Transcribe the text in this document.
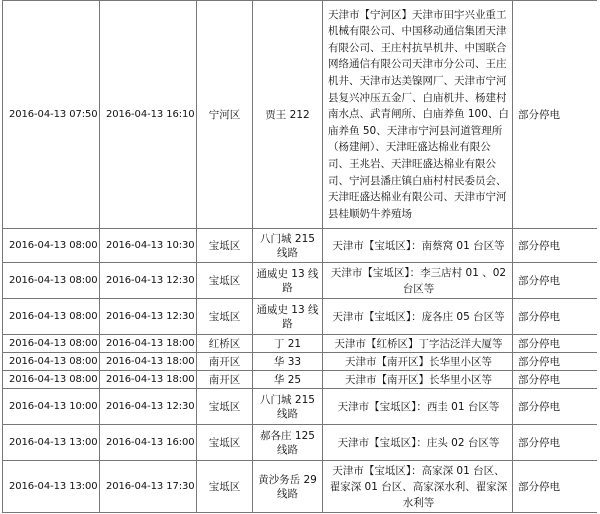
2016-04-13 07:50	2016-04-13 16:10	宁河区	贾王 212	天津市【宁河区】天津市田宇兴业重工机械有限公司、中国移动通信集团天津有限公司、王庄村抗旱机井、中国联合网络通信有限公司天津市分公司、王庄机井、天津市达美镍网厂、天津市宁河县复兴冲压五金厂、白庙机井、杨建村南水点、武青闸所、白庙养鱼 100、白庙养鱼 50、天津市宁河县河道管理所（杨建闸）、天津旺盛达棉业有限公司、王兆岩、天津旺盛达棉业有限公司、宁河县潘庄镇白庙村村民委员会、天津旺盛达棉业有限公司、天津市宁河县桂顺奶牛养殖场	部分停电
2016-04-13 08:00	2016-04-13 10:30	宝坻区	八门城 215 线路	天津市【宝坻区】：南蔡窝 01 台区等	部分停电
2016-04-13 08:00	2016-04-13 12:30	宝坻区	通威史 13 线路	天津市【宝坻区】：李三店村 01 、02 台区等	部分停电
2016-04-13 08:00	2016-04-13 12:30	宝坻区	通威史 13 线路	天津市【宝坻区】：庞各庄 05 台区等	部分停电
2016-04-13 08:00	2016-04-13 18:00	红桥区	丁 21	天津市【红桥区】丁字沽泛洋大厦等	部分停电
2016-04-13 08:00	2016-04-13 18:00	南开区	华 33	天津市【南开区】长华里小区等	部分停电
2016-04-13 08:00	2016-04-13 18:00	南开区	华 25	天津市【南开区】长华里小区等	部分停电
2016-04-13 10:00	2016-04-13 12:30	宝坻区	八门城 215 线路	天津市【宝坻区】：西圭 01 台区等	部分停电
2016-04-13 13:00	2016-04-13 16:00	宝坻区	郝各庄 125 线路	天津市【宝坻区】：庄头 02 台区等	部分停电
2016-04-13 13:00	2016-04-13 17:30	宝坻区	黄沙务岳 29 线路	天津市【宝坻区】：高家深 01 台区、翟家深 01 台区、高家深水利、翟家深水利等	部分停电
